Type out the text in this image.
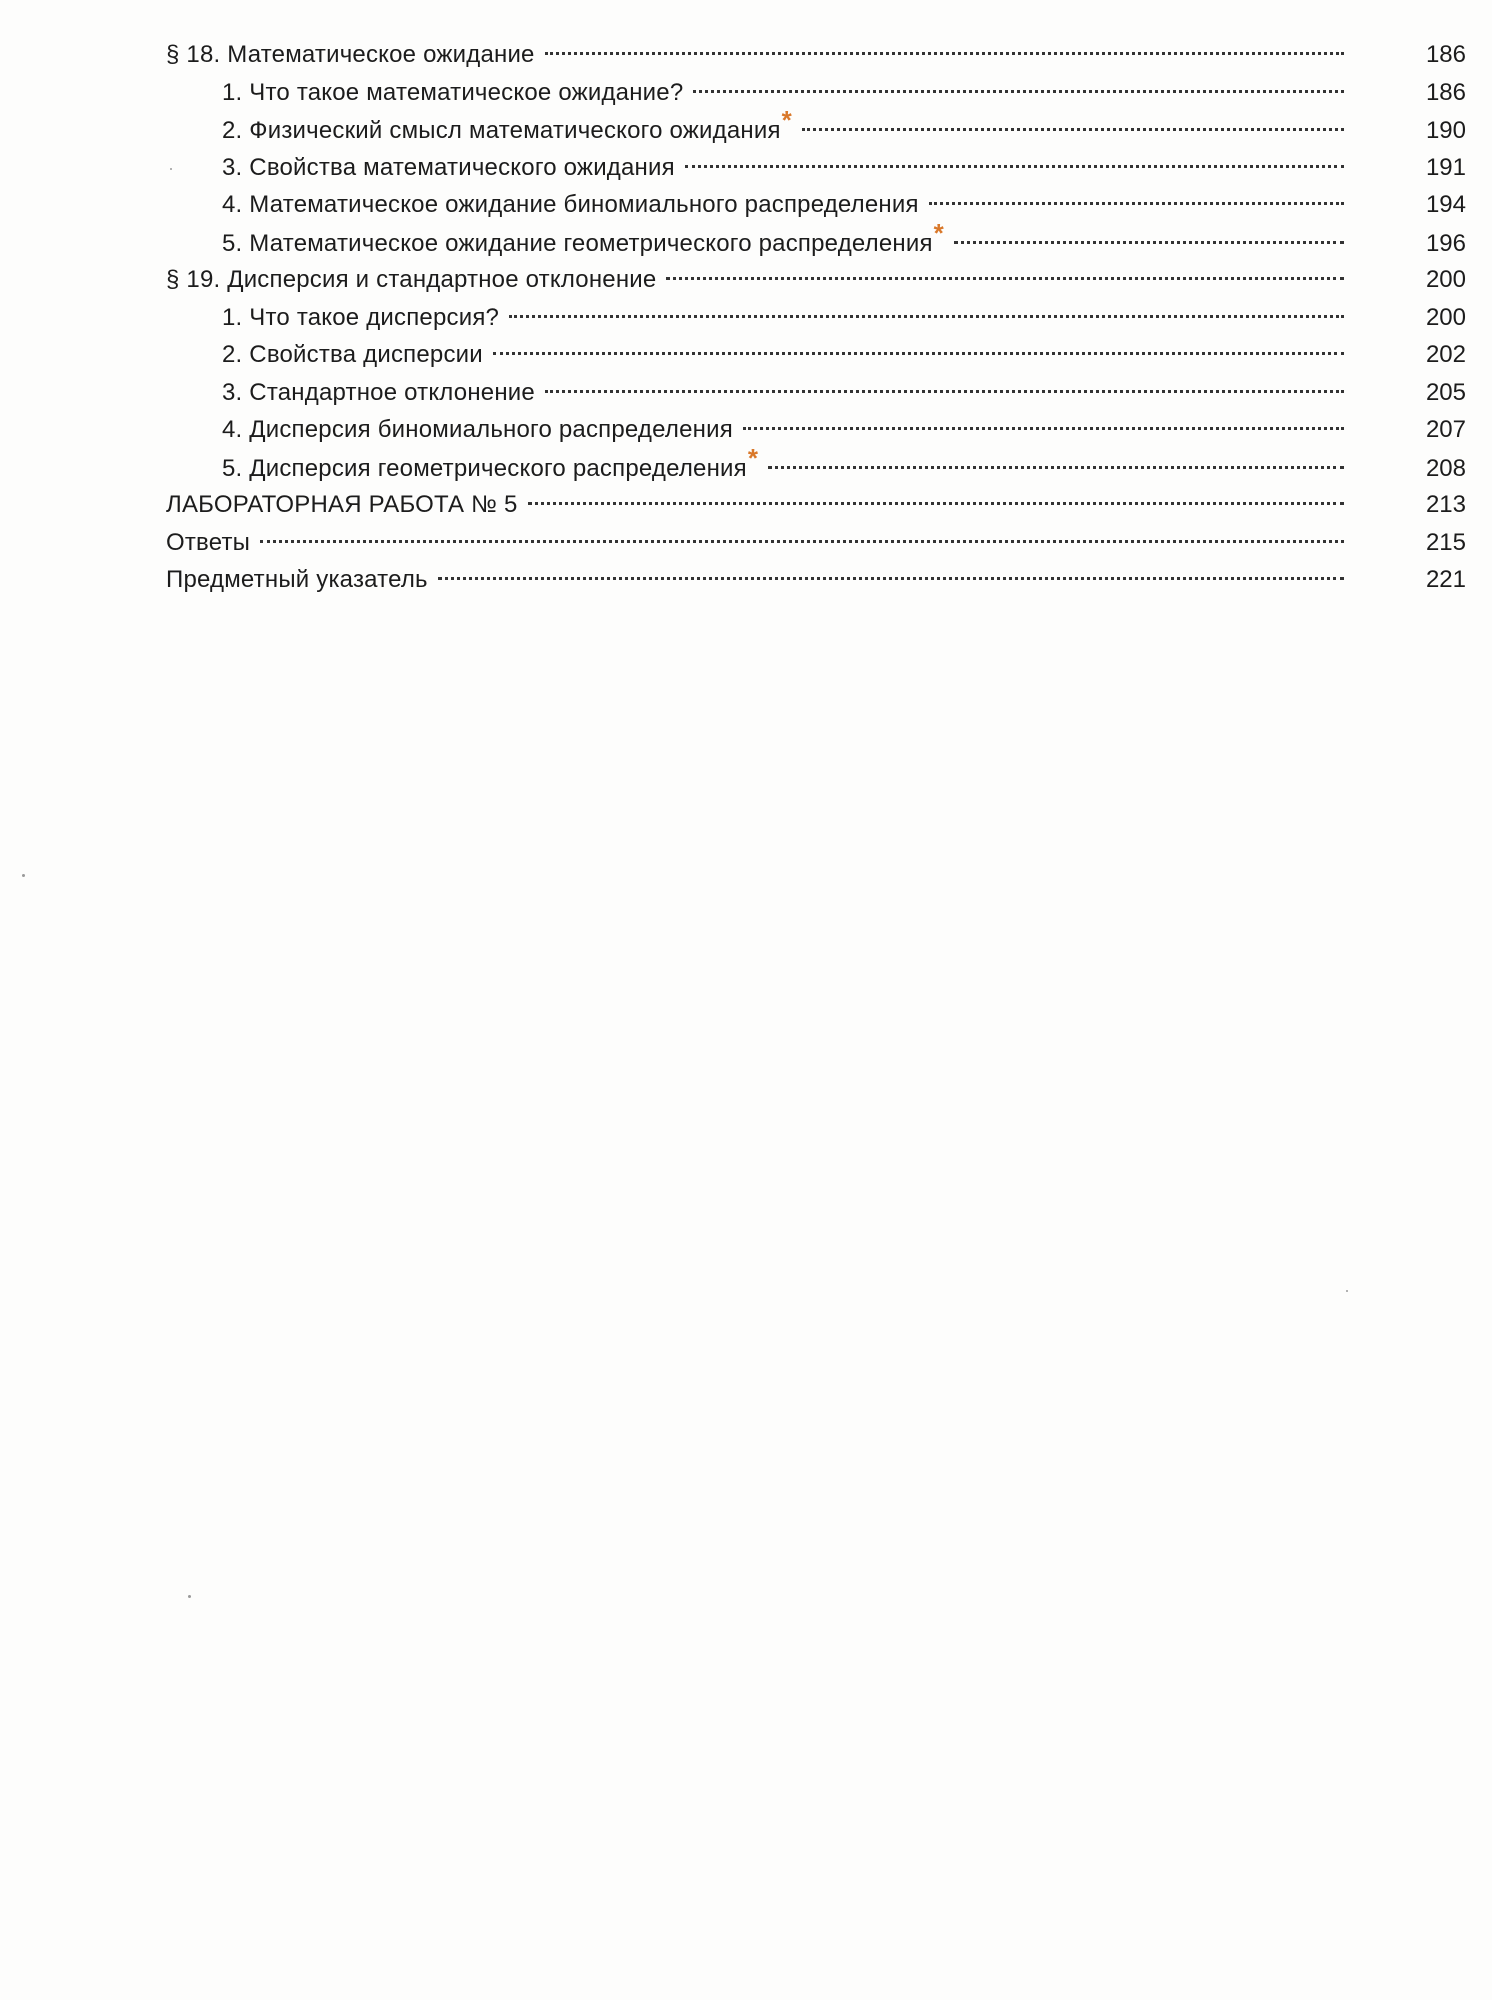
§ 18. Математическое ожидание	186
1. Что такое математическое ожидание?	186
2. Физический смысл математического ожидания *	190
3. Свойства математического ожидания	191
4. Математическое ожидание биномиального распределения	194
5. Математическое ожидание геометрического распределения *	196
§ 19. Дисперсия и стандартное отклонение	200
1. Что такое дисперсия?	200
2. Свойства дисперсии	202
3. Стандартное отклонение	205
4. Дисперсия биномиального распределения	207
5. Дисперсия геометрического распределения *	208
ЛАБОРАТОРНАЯ РАБОТА № 5	213
Ответы	215
Предметный указатель	221
